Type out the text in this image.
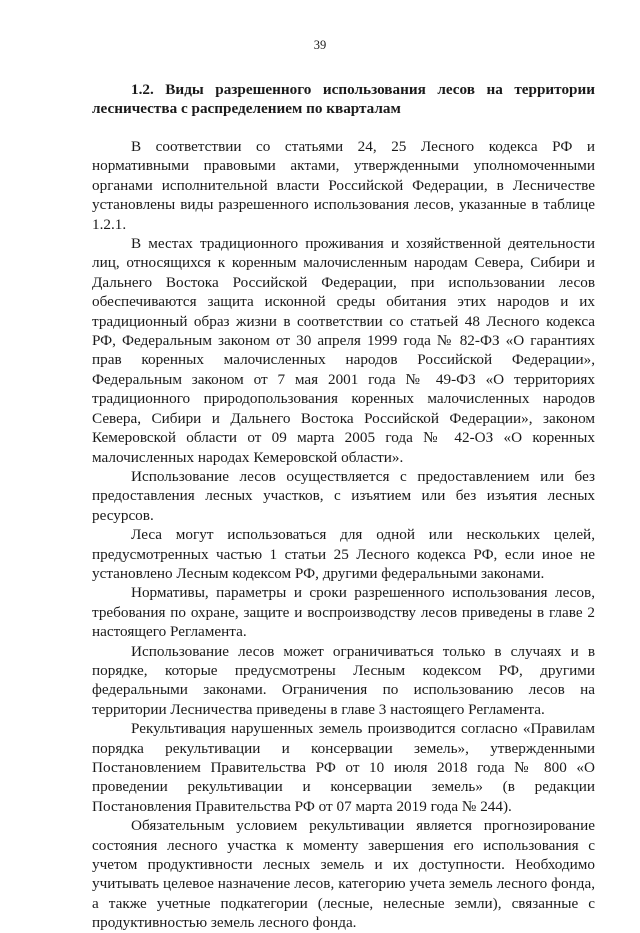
39

1.2. Виды разрешенного использования лесов на территории лесничества с распределением по кварталам

В соответствии со статьями 24, 25 Лесного кодекса РФ и нормативными правовыми актами, утвержденными уполномоченными органами исполнительной власти Российской Федерации, в Лесничестве установлены виды разрешенного использования лесов, указанные в таблице 1.2.1.

В местах традиционного проживания и хозяйственной деятельности лиц, относящихся к коренным малочисленным народам Севера, Сибири и Дальнего Востока Российской Федерации, при использовании лесов обеспечиваются защита исконной среды обитания этих народов и их традиционный образ жизни в соответствии со статьей 48 Лесного кодекса РФ, Федеральным законом от 30 апреля 1999 года № 82-ФЗ «О гарантиях прав коренных малочисленных народов Российской Федерации», Федеральным законом от 7 мая 2001 года № 49-ФЗ «О территориях традиционного природопользования коренных малочисленных народов Севера, Сибири и Дальнего Востока Российской Федерации», законом Кемеровской области от 09 марта 2005 года № 42-ОЗ «О коренных малочисленных народах Кемеровской области».

Использование лесов осуществляется с предоставлением или без предоставления лесных участков, с изъятием или без изъятия лесных ресурсов.

Леса могут использоваться для одной или нескольких целей, предусмотренных частью 1 статьи 25 Лесного кодекса РФ, если иное не установлено Лесным кодексом РФ, другими федеральными законами.

Нормативы, параметры и сроки разрешенного использования лесов, требования по охране, защите и воспроизводству лесов приведены в главе 2 настоящего Регламента.

Использование лесов может ограничиваться только в случаях и в порядке, которые предусмотрены Лесным кодексом РФ, другими федеральными законами. Ограничения по использованию лесов на территории Лесничества приведены в главе 3 настоящего Регламента.

Рекультивация нарушенных земель производится согласно «Правилам порядка рекультивации и консервации земель», утвержденными Постановлением Правительства РФ от 10 июля 2018 года № 800 «О проведении рекультивации и консервации земель» (в редакции Постановления Правительства РФ от 07 марта 2019 года № 244).

Обязательным условием рекультивации является прогнозирование состояния лесного участка к моменту завершения его использования с учетом продуктивности лесных земель и их доступности. Необходимо учитывать целевое назначение лесов, категорию учета земель лесного фонда, а также учетные подкатегории (лесные, нелесные земли), связанные с продуктивностью земель лесного фонда.
